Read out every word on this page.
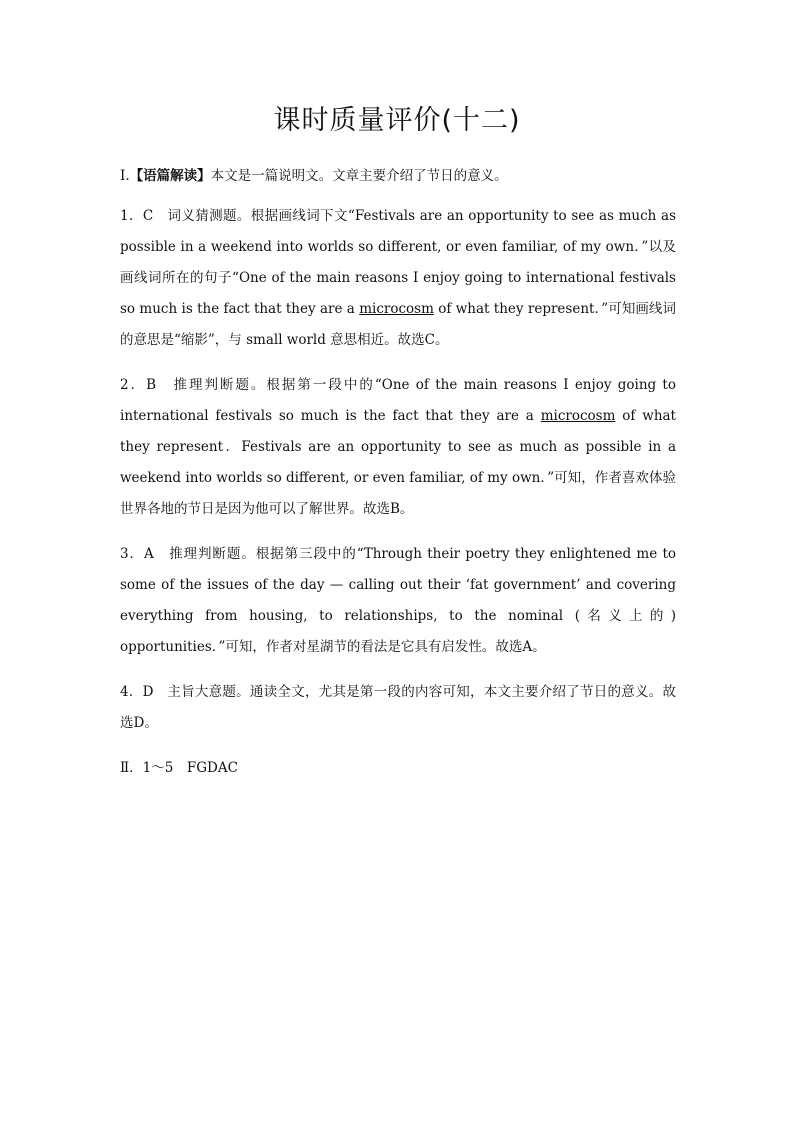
课时质量评价(十二)

Ⅰ.【语篇解读】本文是一篇说明文。文章主要介绍了节日的意义。

1．C　词义猜测题。根据画线词下文“Festivals are an opportunity to see as much as possible in a weekend into worlds so different, or even familiar, of my own．”以及画线词所在的句子“One of the main reasons I enjoy going to international festivals so much is the fact that they are a microcosm of what they represent．”可知画线词的意思是“缩影”，与 small world 意思相近。故选C。

2．B　推理判断题。根据第一段中的“One of the main reasons I enjoy going to international festivals so much is the fact that they are a microcosm of what they represent．Festivals are an opportunity to see as much as possible in a weekend into worlds so different, or even familiar, of my own．”可知，作者喜欢体验世界各地的节日是因为他可以了解世界。故选B。

3．A　推理判断题。根据第三段中的“Through their poetry they enlightened me to some of the issues of the day — calling out their ‘fat government’ and covering everything from housing, to relationships, to the nominal (名义上的) opportunities．”可知，作者对星湖节的看法是它具有启发性。故选A。

4．D　主旨大意题。通读全文，尤其是第一段的内容可知，本文主要介绍了节日的意义。故选D。

Ⅱ．1～5　FGDAC
